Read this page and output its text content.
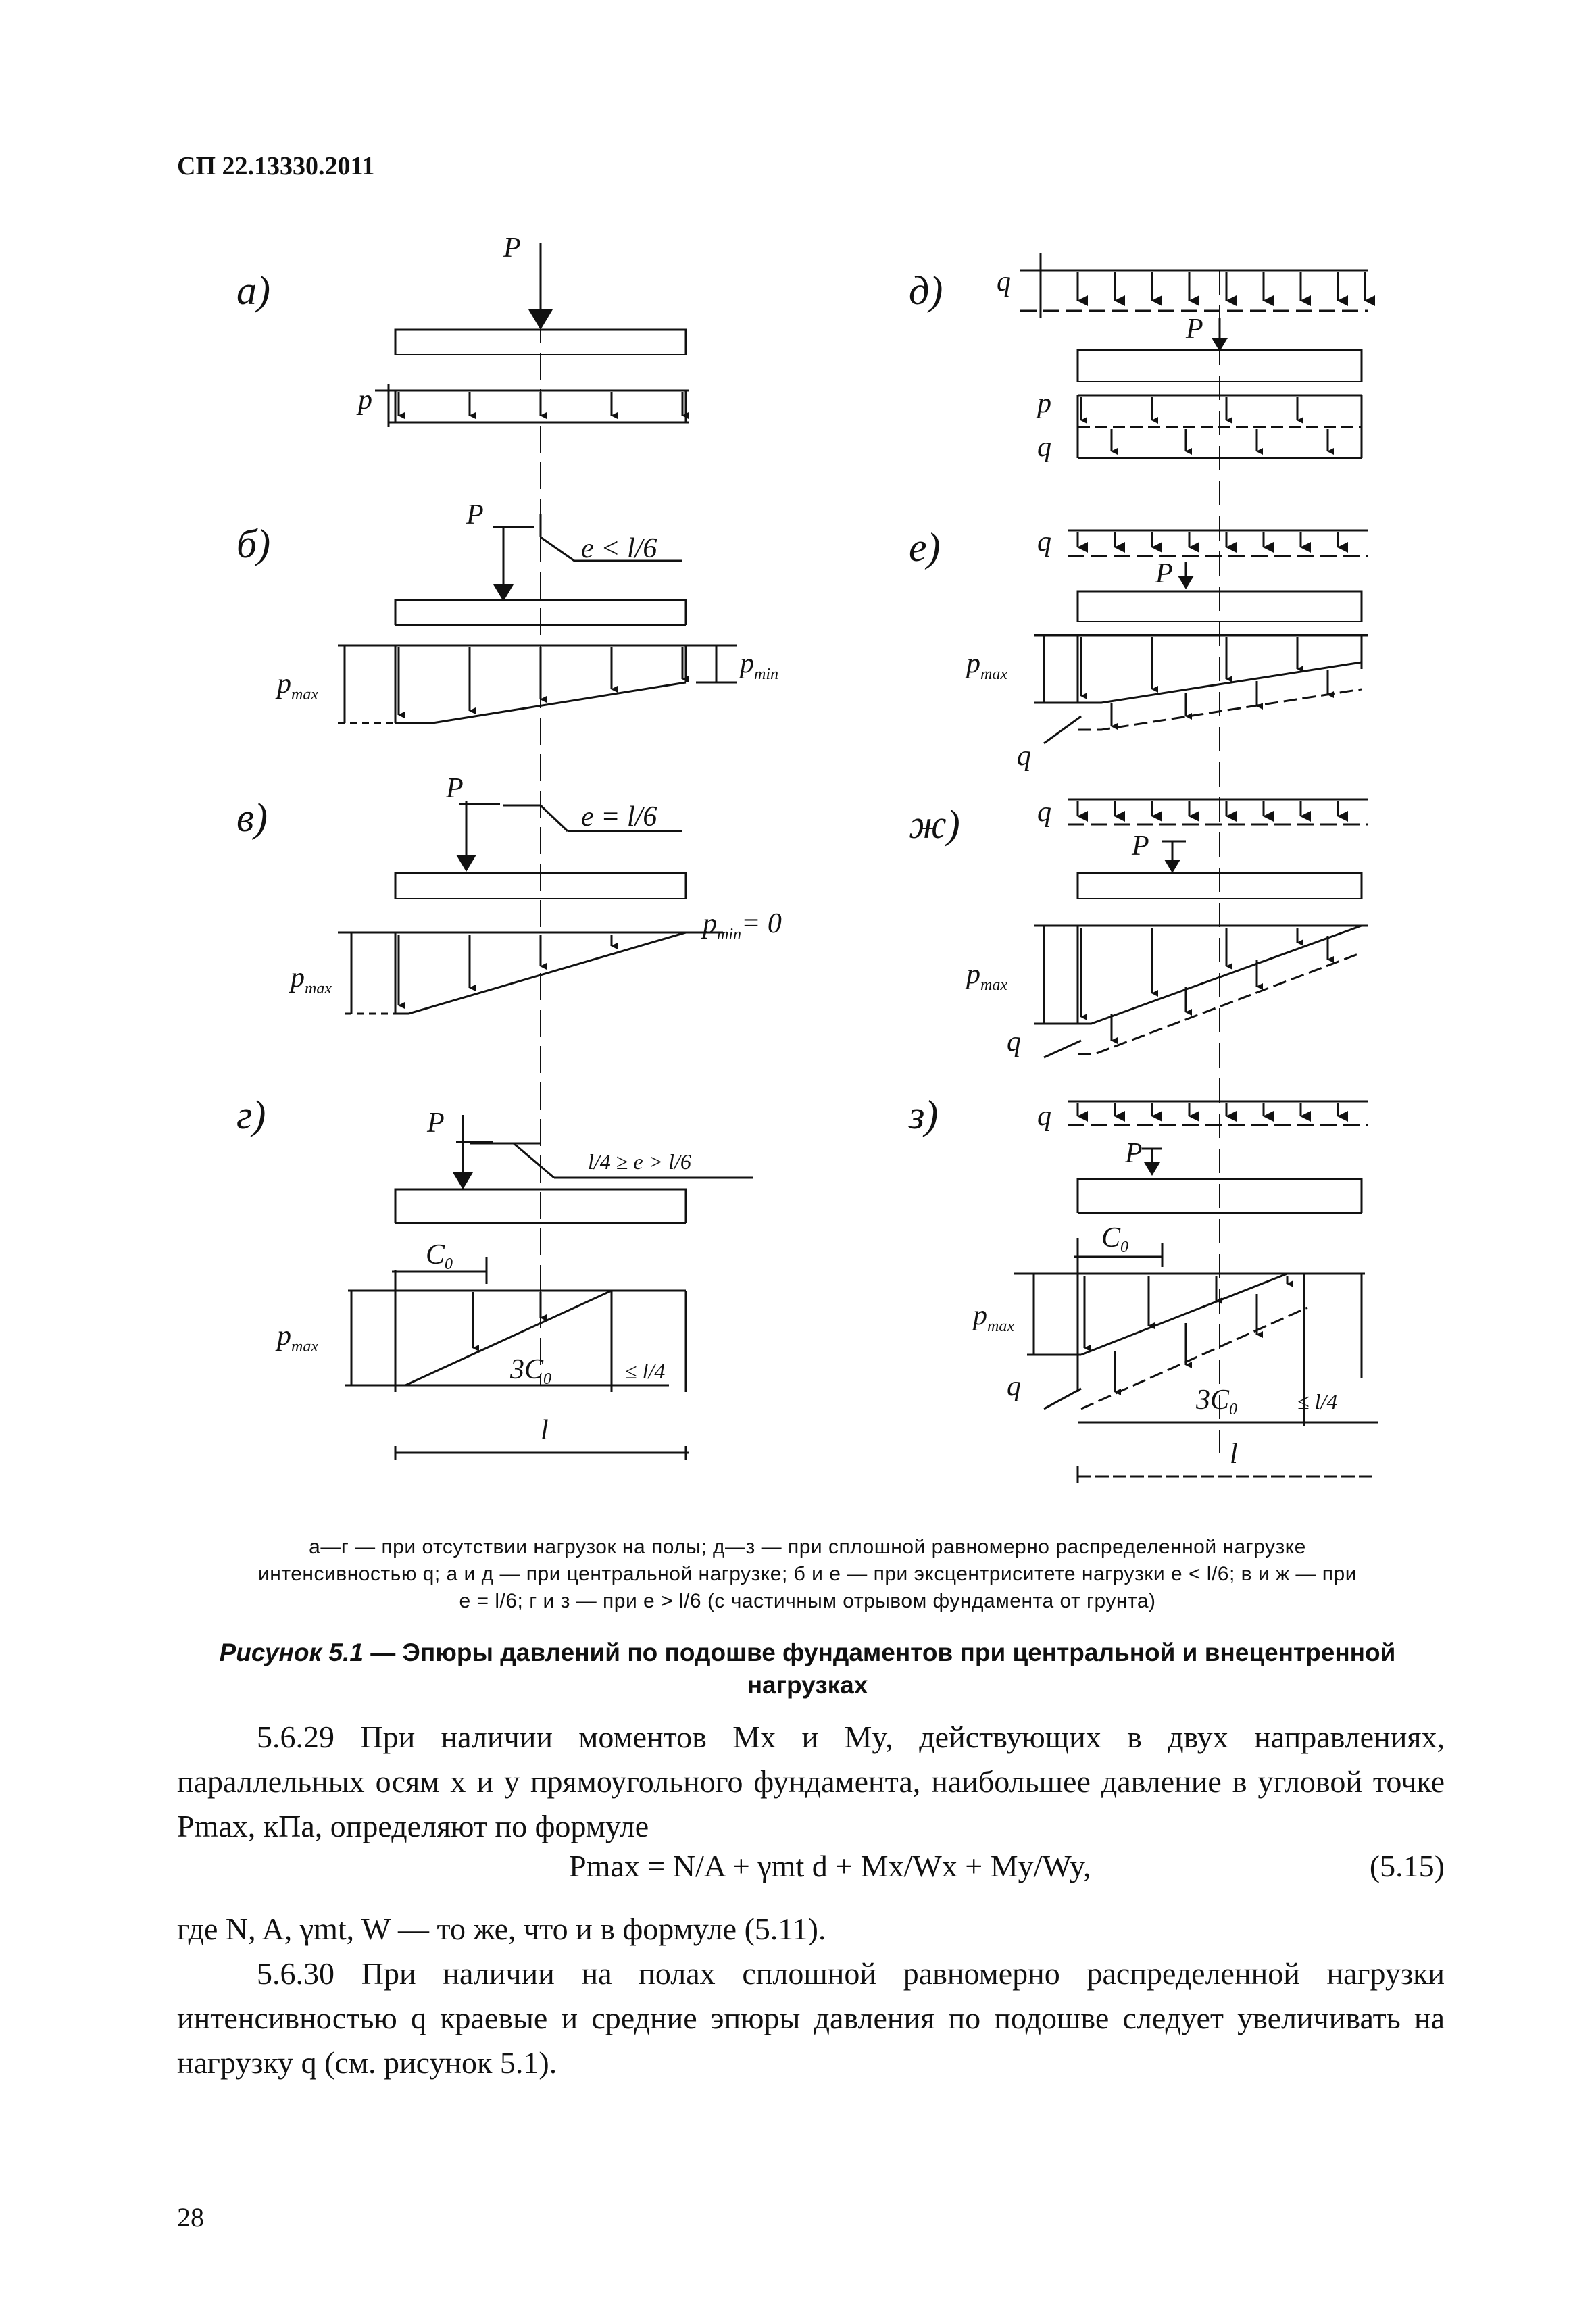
СП 22.13330.2011
а)
б)
в)
г)
д)
е)
ж)
з)
P
p
P
e < l/6
$p_{max}$
$p_{min}$
P
e = l/6
$p_{max}$
$p_{min}= 0$
P
l/4 ≥ e > l/6
C0
$p_{max}$
3C0	≤ l/4
l
q
P
p
q
q
P
$p_{max}$
q
q
P
$p_{max}$
q
q
P
C0
$p_{max}$
q	3C0	≤ l/4
l
а—г — при отсутствии нагрузок на полы; д—з — при сплошной равномерно распределенной нагрузке
интенсивностью q; а и д — при центральной нагрузке; б и е — при эксцентриситете нагрузки e < l/6; в и ж — при
e = l/6; г и з — при e > l/6 (с частичным отрывом фундамента от грунта)
Рисунок 5.1 — Эпюры давлений по подошве фундаментов при центральной и внецентренной нагрузках

5.6.29 При наличии моментов Mx и My, действующих в двух направлениях, параллельных осям x и y прямоугольного фундамента, наибольшее давление в угловой точке Pmax, кПа, определяют по формуле

Pmax = N/A + γmt d + Mx/Wx + My/Wy,	(5.15)

где N, A, γmt, W — то же, что и в формуле (5.11).

5.6.30 При наличии на полах сплошной равномерно распределенной нагрузки интенсивностью q краевые и средние эпюры давления по подошве следует увеличивать на нагрузку q (см. рисунок 5.1).

28
